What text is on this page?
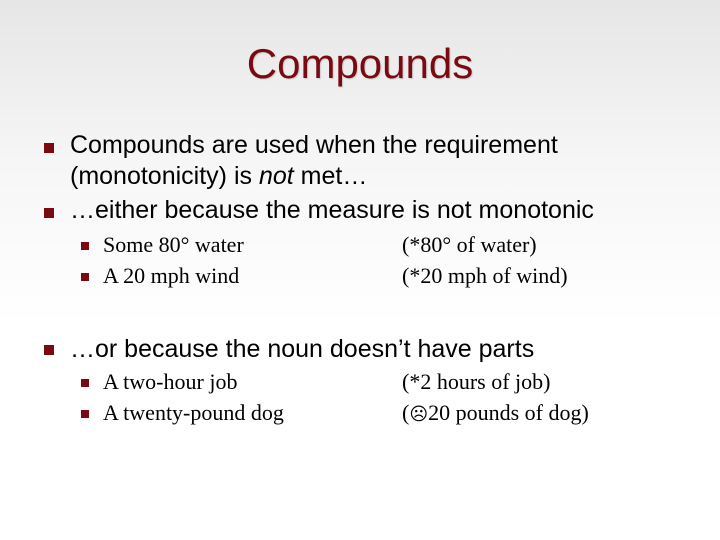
Compounds
Compounds are used when the requirement
(monotonicity) is not met…
…either because the measure is not monotonic
Some 80° water	(*80° of water)
A 20 mph wind	(*20 mph of wind)
…or because the noun doesn’t have parts
A two-hour job	(*2 hours of job)
A twenty-pound dog	(☹20 pounds of dog)
